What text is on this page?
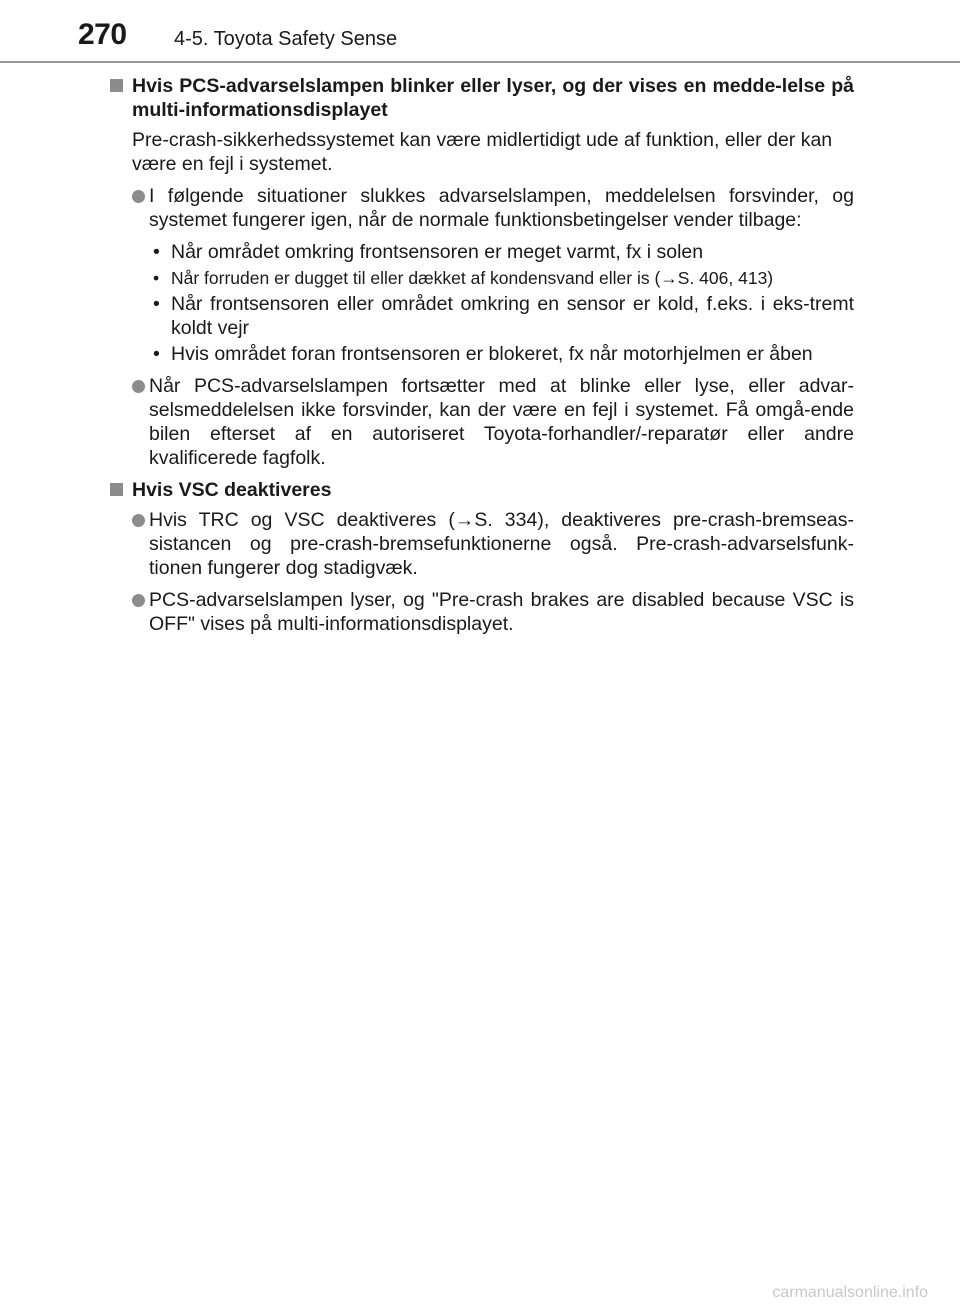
270 4-5. Toyota Safety Sense

Hvis PCS-advarselslampen blinker eller lyser, og der vises en medde-lelse på multi-informationsdisplayet

Pre-crash-sikkerhedssystemet kan være midlertidigt ude af funktion, eller der kan være en fejl i systemet.

I følgende situationer slukkes advarselslampen, meddelelsen forsvinder, og systemet fungerer igen, når de normale funktionsbetingelser vender tilbage:
• Når området omkring frontsensoren er meget varmt, fx i solen
• Når forruden er dugget til eller dækket af kondensvand eller is (→S. 406, 413)
• Når frontsensoren eller området omkring en sensor er kold, f.eks. i eks-tremt koldt vejr
• Hvis området foran frontsensoren er blokeret, fx når motorhjelmen er åben
Når PCS-advarselslampen fortsætter med at blinke eller lyse, eller advar-selsmeddelelsen ikke forsvinder, kan der være en fejl i systemet. Få omgå-ende bilen efterset af en autoriseret Toyota-forhandler/-reparatør eller andre kvalificerede fagfolk.

Hvis VSC deaktiveres

Hvis TRC og VSC deaktiveres (→S. 334), deaktiveres pre-crash-bremseas-sistancen og pre-crash-bremsefunktionerne også. Pre-crash-advarselsfunk-tionen fungerer dog stadigvæk.
PCS-advarselslampen lyser, og "Pre-crash brakes are disabled because VSC is OFF" vises på multi-informationsdisplayet.
carmanualsonline.info
